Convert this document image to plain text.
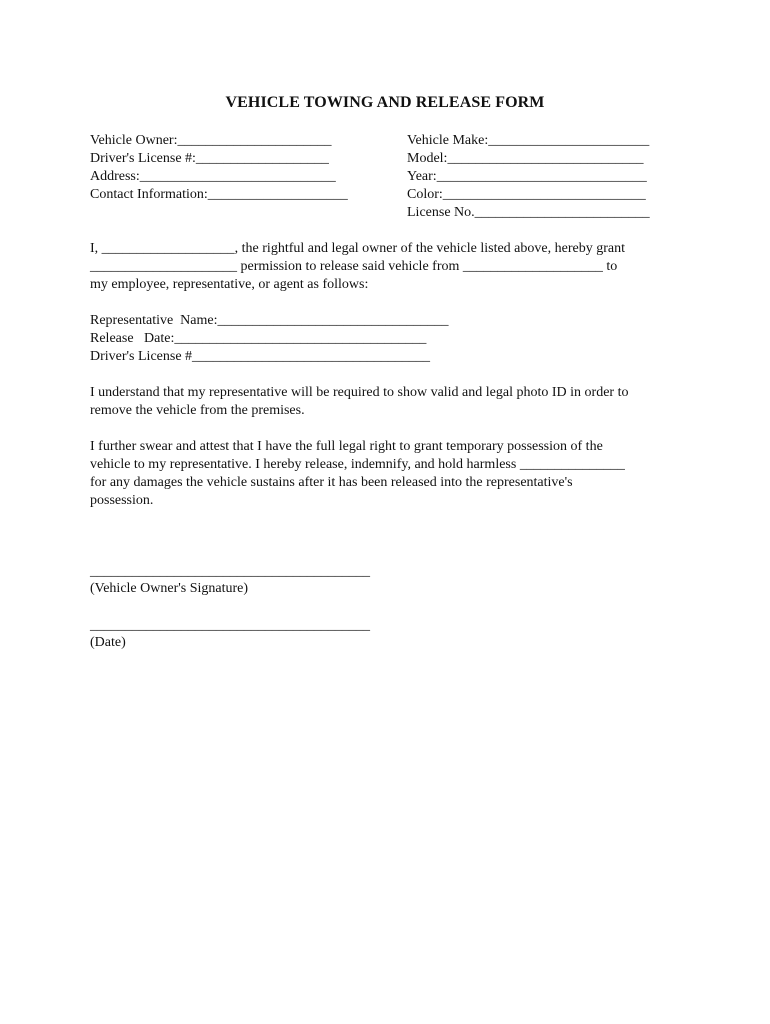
VEHICLE TOWING AND RELEASE FORM
Vehicle Owner:______________________
Driver's License #:___________________
Address:____________________________
Contact Information:____________________
Vehicle Make:_______________________
Model:____________________________
Year:______________________________
Color:_____________________________
License No._________________________
I, ___________________, the rightful and legal owner of the vehicle listed above, hereby grant
_____________________ permission to release said vehicle from ____________________ to
my employee, representative, or agent as follows:
Representative  Name:_________________________________
Release   Date:____________________________________
Driver's License #__________________________________
I understand that my representative will be required to show valid and legal photo ID in order to
remove the vehicle from the premises.
I further swear and attest that I have the full legal right to grant temporary possession of the
vehicle to my representative. I hereby release, indemnify, and hold harmless _______________
for any damages the vehicle sustains after it has been released into the representative's
possession.
________________________________________
(Vehicle Owner's Signature)
________________________________________
(Date)
